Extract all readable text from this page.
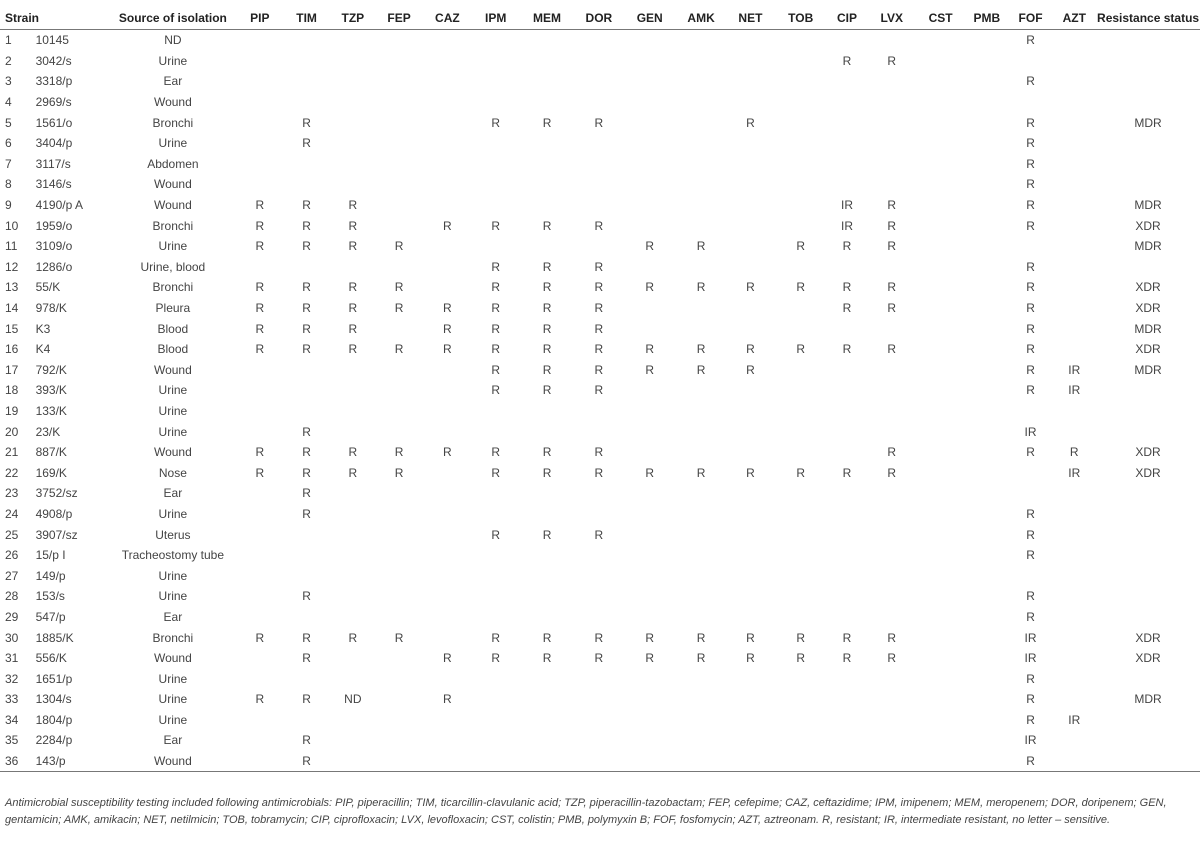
Strain		Source of isolation	PIP	TIM	TZP	FEP	CAZ	IPM	MEM	DOR	GEN	AMK	NET	TOB	CIP	LVX	CST	PMB	FOF	AZT	Resistance status
1	10145	ND																	R		
2	3042/s	Urine													R	R					
3	3318/p	Ear																	R		
4	2969/s	Wound																			
5	1561/o	Bronchi		R				R	R	R			R						R		MDR
6	3404/p	Urine		R															R		
7	3117/s	Abdomen																	R		
8	3146/s	Wound																	R		
9	4190/p A	Wound	R	R	R										IR	R			R		MDR
10	1959/o	Bronchi	R	R	R		R	R	R	R					IR	R			R		XDR
11	3109/o	Urine	R	R	R	R					R	R		R	R	R					MDR
12	1286/o	Urine, blood						R	R	R									R		
13	55/K	Bronchi	R	R	R	R		R	R	R	R	R	R	R	R	R			R		XDR
14	978/K	Pleura	R	R	R	R	R	R	R	R					R	R			R		XDR
15	K3	Blood	R	R	R		R	R	R	R									R		MDR
16	K4	Blood	R	R	R	R	R	R	R	R	R	R	R	R	R	R			R		XDR
17	792/K	Wound						R	R	R	R	R	R						R	IR	MDR
18	393/K	Urine						R	R	R									R	IR	
19	133/K	Urine																			
20	23/K	Urine		R															IR		
21	887/K	Wound	R	R	R	R	R	R	R	R						R			R	R	XDR
22	169/K	Nose	R	R	R	R		R	R	R	R	R	R	R	R	R				IR	XDR
23	3752/sz	Ear		R																	
24	4908/p	Urine		R															R		
25	3907/sz	Uterus						R	R	R									R		
26	15/p I	Tracheostomy tube																	R		
27	149/p	Urine																			
28	153/s	Urine		R															R		
29	547/p	Ear																	R		
30	1885/K	Bronchi	R	R	R	R		R	R	R	R	R	R	R	R	R			IR		XDR
31	556/K	Wound		R			R	R	R	R	R	R	R	R	R	R			IR		XDR
32	1651/p	Urine																	R		
33	1304/s	Urine	R	R	ND		R												R		MDR
34	1804/p	Urine																	R	IR	
35	2284/p	Ear		R															IR		
36	143/p	Wound		R															R		
Antimicrobial susceptibility testing included following antimicrobials: PIP, piperacillin; TIM, ticarcillin-clavulanic acid; TZP, piperacillin-tazobactam; FEP, cefepime; CAZ, ceftazidime; IPM, imipenem; MEM, meropenem; DOR, doripenem; GEN, gentamicin; AMK, amikacin; NET, netilmicin; TOB, tobramycin; CIP, ciprofloxacin; LVX, levofloxacin; CST, colistin; PMB, polymyxin B; FOF, fosfomycin; AZT, aztreonam. R, resistant; IR, intermediate resistant, no letter – sensitive.
